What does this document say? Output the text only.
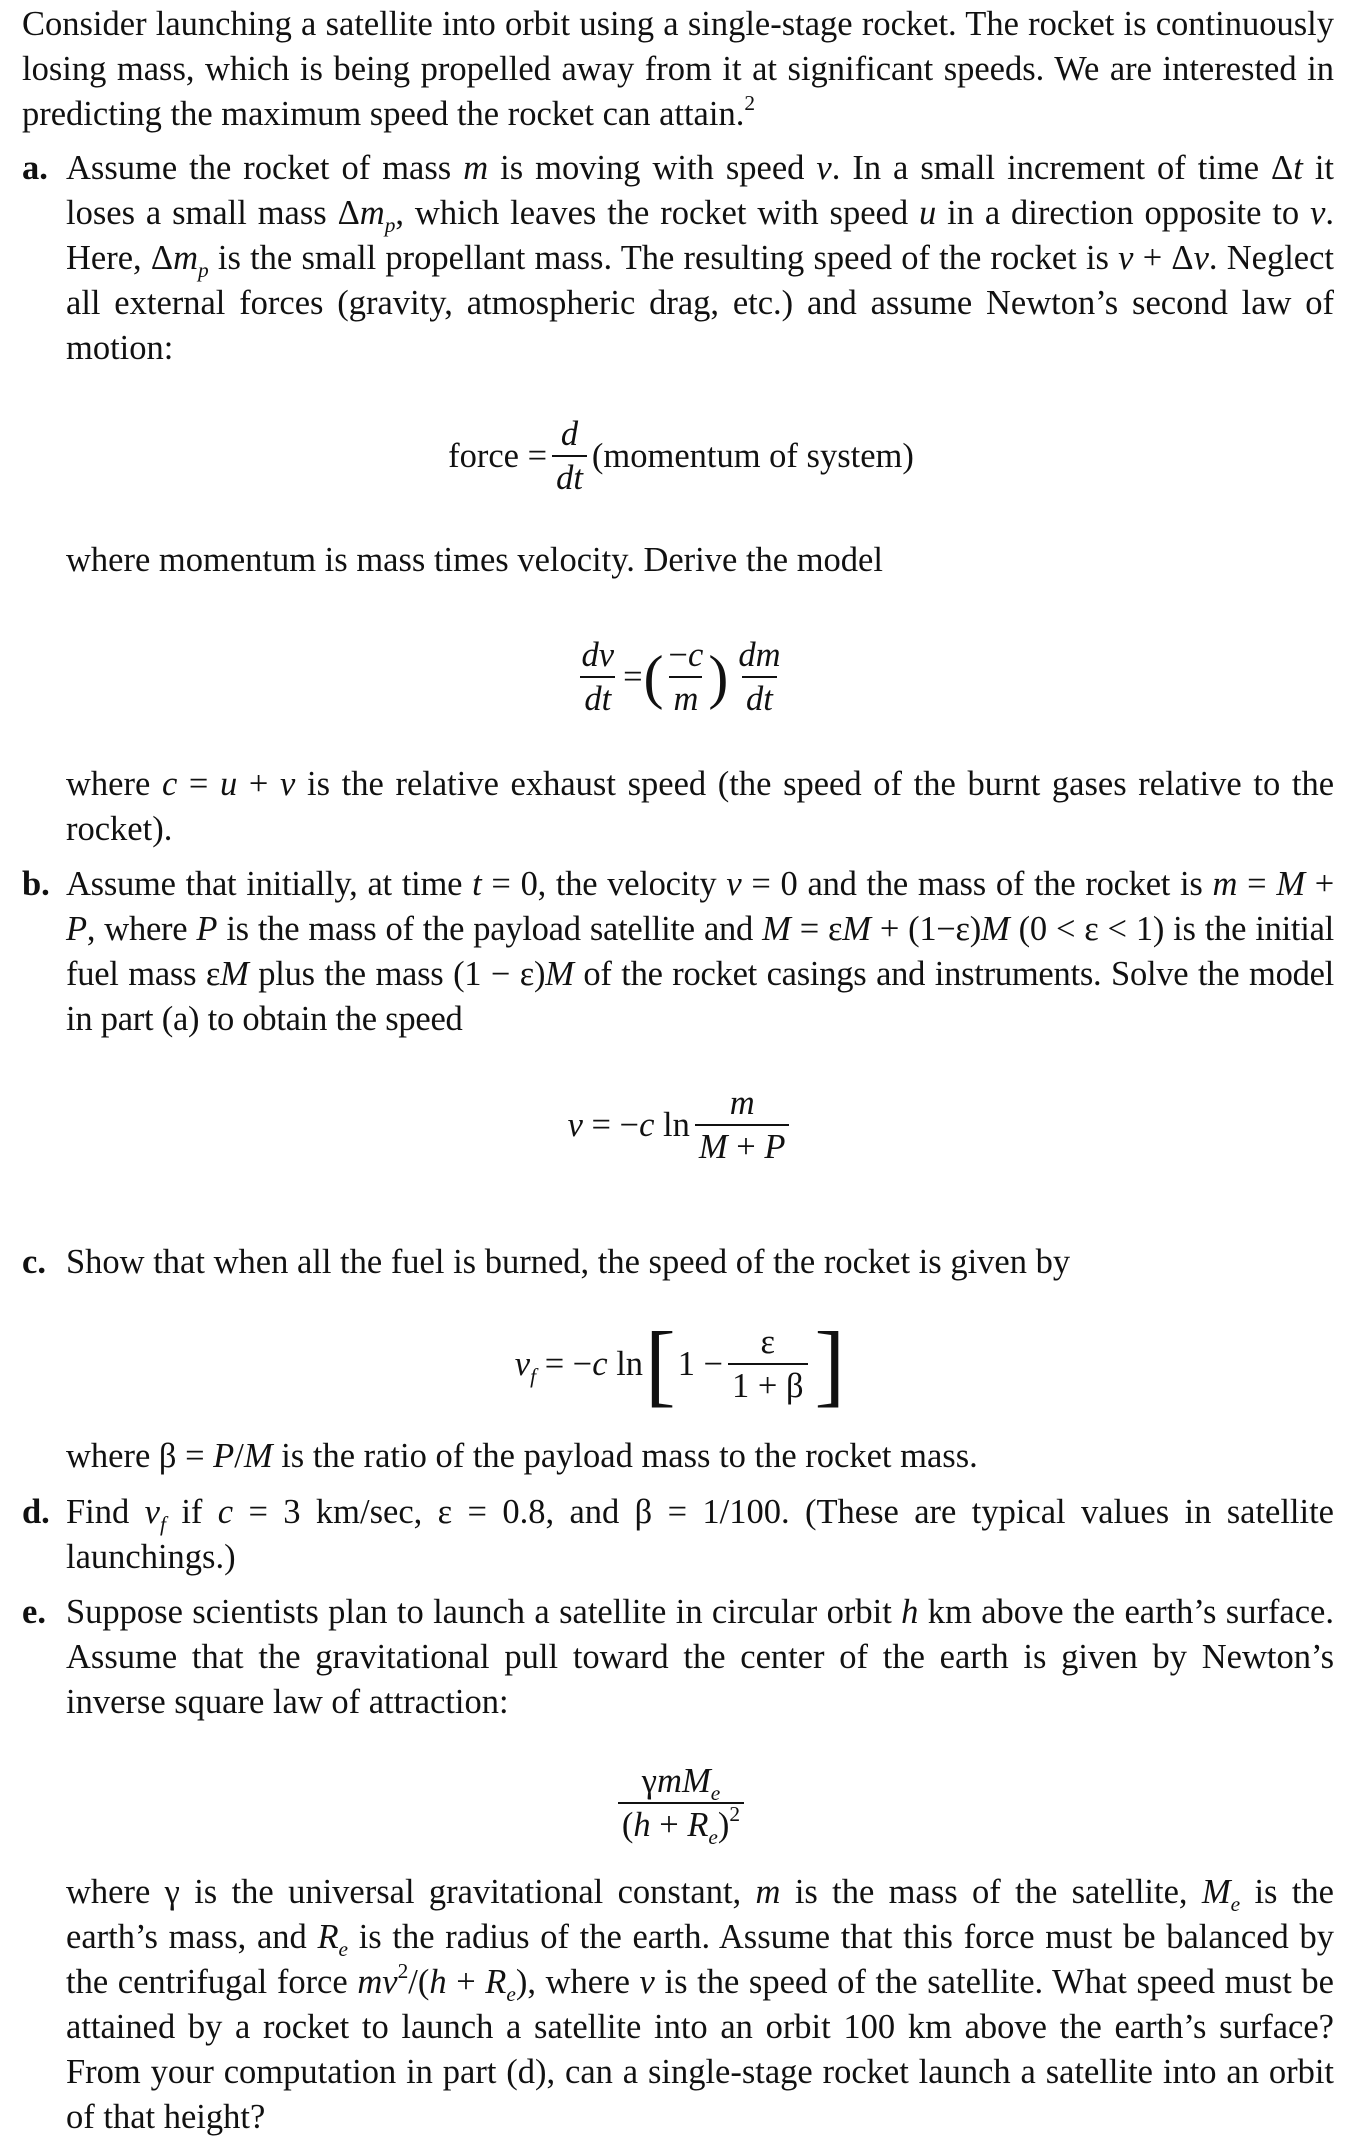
Consider launching a satellite into orbit using a single-stage rocket. The rocket is continuously losing mass, which is being propelled away from it at significant speeds. We are interested in predicting the maximum speed the rocket can attain.$^2$

a. Assume the rocket of mass m is moving with speed v. In a small increment of time Δt it loses a small mass $\Delta m_p$, which leaves the rocket with speed u in a direction opposite to v. Here, $\Delta m_p$ is the small propellant mass. The resulting speed of the rocket is v + Δv. Neglect all external forces (gravity, atmospheric drag, etc.) and assume Newton’s second law of motion:
force = $\frac{d}{dt}$ (momentum of system)

where momentum is mass times velocity. Derive the model

$\frac{dv}{dt}$ = ( $\frac{-c}{m}$ ) $\frac{dm}{dt}$

where c = u + v is the relative exhaust speed (the speed of the burnt gases relative to the rocket).

b. Assume that initially, at time t = 0, the velocity v = 0 and the mass of the rocket is m = M + P, where P is the mass of the payload satellite and M = εM + (1−ε)M (0 < ε < 1) is the initial fuel mass εM plus the mass (1 − ε)M of the rocket casings and instruments. Solve the model in part (a) to obtain the speed
v = −c $\ln \frac{m}{M + P}$
c. Show that when all the fuel is burned, the speed of the rocket is given by
$v_f = -c$ ln [ $1 - \frac{\varepsilon}{1 + \beta}$ ]

where β = P/M is the ratio of the payload mass to the rocket mass.

d. Find $v_f$ if c = 3 km/sec, ε = 0.8, and β = 1/100. (These are typical values in satellite launchings.)
e. Suppose scientists plan to launch a satellite in circular orbit h km above the earth’s surface. Assume that the gravitational pull toward the center of the earth is given by Newton’s inverse square law of attraction:
$\frac{\gamma mM_e}{(h + R_e)^2}$

where γ is the universal gravitational constant, m is the mass of the satellite, $M_e$ is the earth’s mass, and $R_e$ is the radius of the earth. Assume that this force must be balanced by the centrifugal force $mv^2/(h + R_e)$, where v is the speed of the satellite. What speed must be attained by a rocket to launch a satellite into an orbit 100 km above the earth’s surface? From your computation in part (d), can a single-stage rocket launch a satellite into an orbit of that height?
